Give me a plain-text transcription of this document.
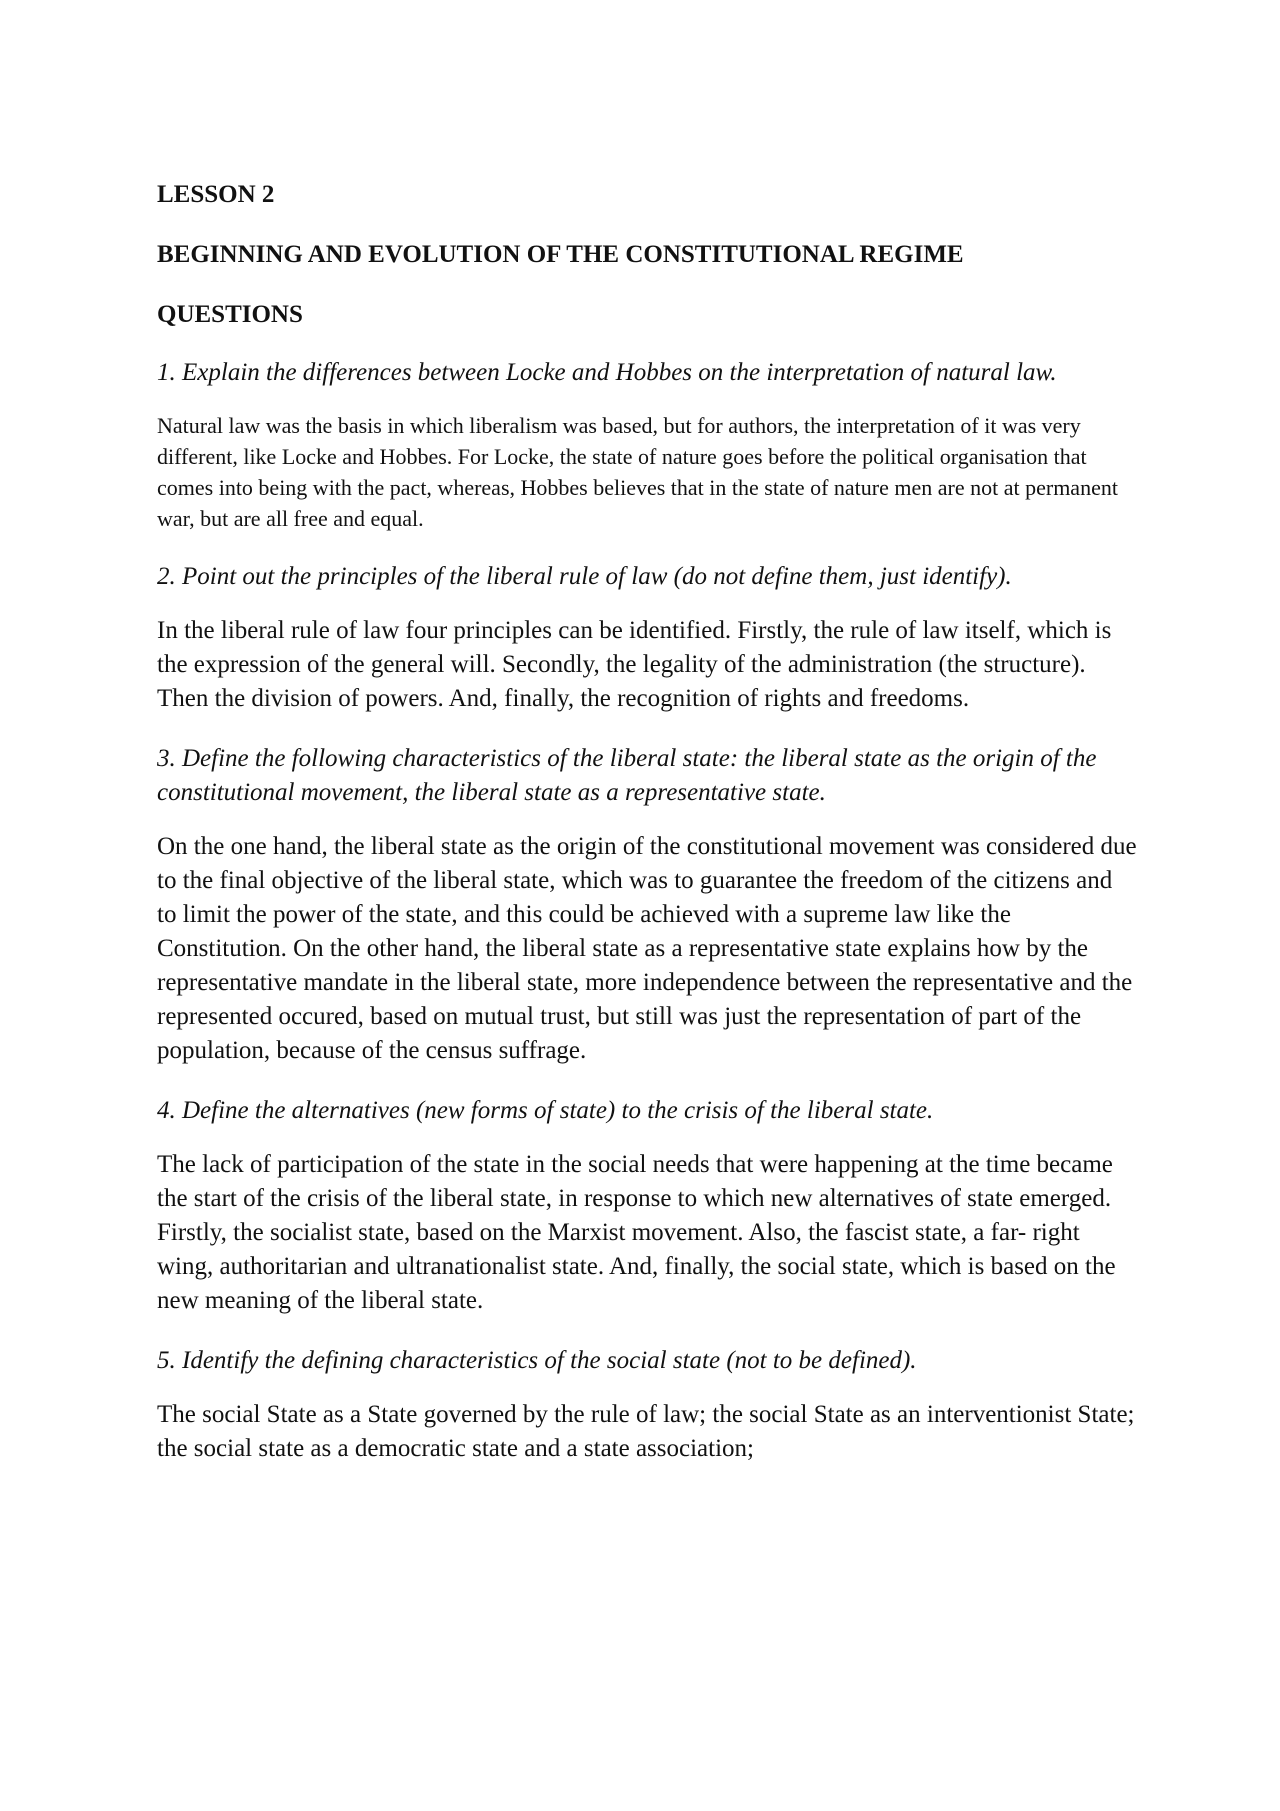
LESSON 2

BEGINNING AND EVOLUTION OF THE CONSTITUTIONAL REGIME

QUESTIONS

1. Explain the differences between Locke and Hobbes on the interpretation of natural law.

Natural law was the basis in which liberalism was based, but for authors, the interpretation of it was very different, like Locke and Hobbes. For Locke, the state of nature goes before the political organisation that comes into being with the pact, whereas, Hobbes believes that in the state of nature men are not at permanent war, but are all free and equal.

2. Point out the principles of the liberal rule of law (do not define them, just identify).

In the liberal rule of law four principles can be identified. Firstly, the rule of law itself, which is the expression of the general will. Secondly, the legality of the administration (the structure). Then the division of powers. And, finally, the recognition of rights and freedoms.

3. Define the following characteristics of the liberal state: the liberal state as the origin of the constitutional movement, the liberal state as a representative state.

On the one hand, the liberal state as the origin of the constitutional movement was considered due to the final objective of the liberal state, which was to guarantee the freedom of the citizens and to limit the power of the state, and this could be achieved with a supreme law like the Constitution. On the other hand, the liberal state as a representative state explains how by the representative mandate in the liberal state, more independence between the representative and the represented occured, based on mutual trust, but still was just the representation of part of the population, because of the census suffrage.

4. Define the alternatives (new forms of state) to the crisis of the liberal state.

The lack of participation of the state in the social needs that were happening at the time became the start of the crisis of the liberal state, in response to which new alternatives of state emerged. Firstly, the socialist state, based on the Marxist movement. Also, the fascist state, a far- right wing, authoritarian and ultranationalist state. And, finally, the social state, which is based on the new meaning of the liberal state.

5. Identify the defining characteristics of the social state (not to be defined).

The social State as a State governed by the rule of law; the social State as an interventionist State; the social state as a democratic state and a state association;
